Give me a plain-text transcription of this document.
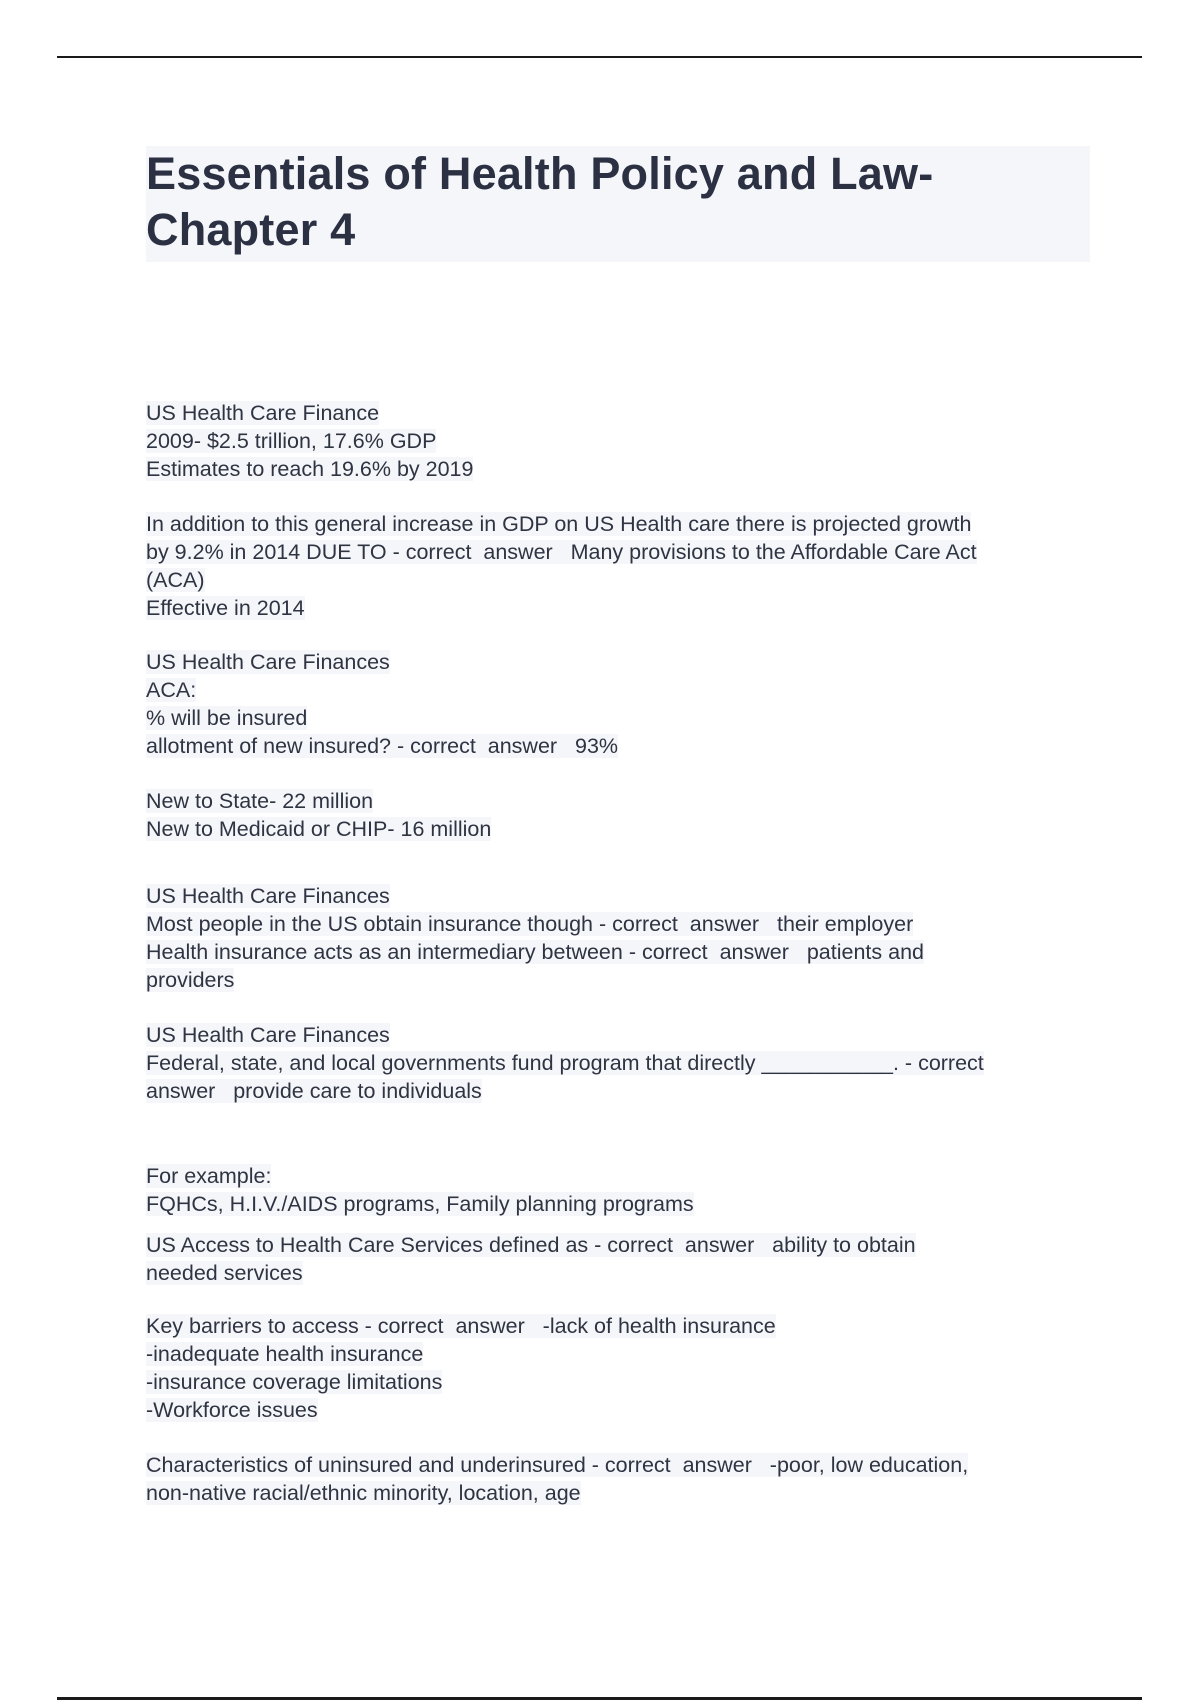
Essentials of Health Policy and Law-
Chapter 4
US Health Care Finance
2009- $2.5 trillion, 17.6% GDP
Estimates to reach 19.6% by 2019
In addition to this general increase in GDP on US Health care there is projected growth
by 9.2% in 2014 DUE TO - correct  answer   Many provisions to the Affordable Care Act
(ACA)
Effective in 2014
US Health Care Finances
ACA:
% will be insured
allotment of new insured? - correct  answer   93%
New to State- 22 million
New to Medicaid or CHIP- 16 million
US Health Care Finances
Most people in the US obtain insurance though - correct  answer   their employer
Health insurance acts as an intermediary between - correct  answer   patients and
providers
US Health Care Finances
Federal, state, and local governments fund program that directly ___________. - correct
answer   provide care to individuals
For example:
FQHCs, H.I.V./AIDS programs, Family planning programs
US Access to Health Care Services defined as - correct  answer   ability to obtain
needed services
Key barriers to access - correct  answer   -lack of health insurance
-inadequate health insurance
-insurance coverage limitations
-Workforce issues
Characteristics of uninsured and underinsured - correct  answer   -poor, low education,
non-native racial/ethnic minority, location, age
